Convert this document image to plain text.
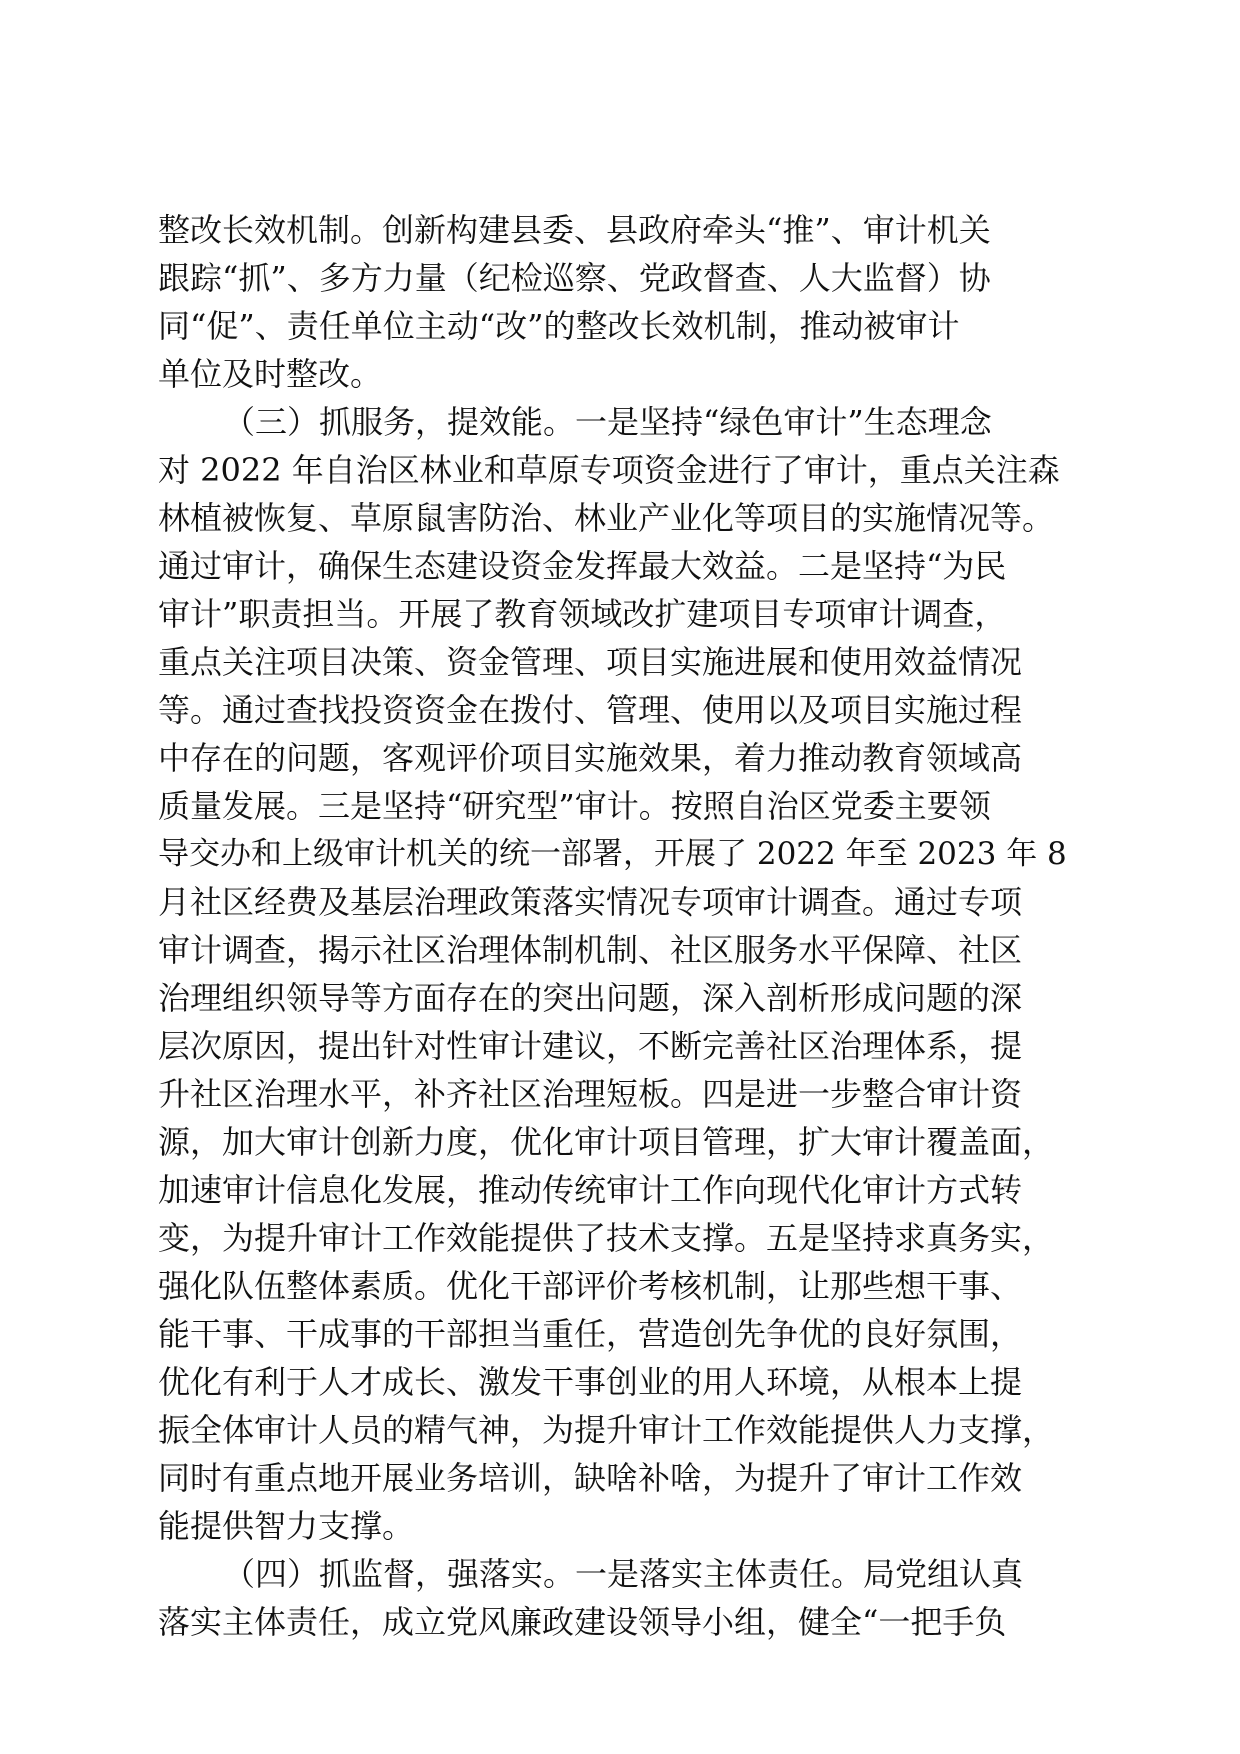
整改长效机制。创新构建县委、县政府牵头“推”、审计机关
跟踪“抓”、多方力量（纪检巡察、党政督查、人大监督）协
同“促”、责任单位主动“改”的整改长效机制，推动被审计
单位及时整改。
（三）抓服务，提效能。一是坚持“绿色审计”生态理念
对 2022 年自治区林业和草原专项资金进行了审计，重点关注森
林植被恢复、草原鼠害防治、林业产业化等项目的实施情况等。
通过审计，确保生态建设资金发挥最大效益。二是坚持“为民
审计”职责担当。开展了教育领域改扩建项目专项审计调查，
重点关注项目决策、资金管理、项目实施进展和使用效益情况
等。通过查找投资资金在拨付、管理、使用以及项目实施过程
中存在的问题，客观评价项目实施效果，着力推动教育领域高
质量发展。三是坚持“研究型”审计。按照自治区党委主要领
导交办和上级审计机关的统一部署，开展了 2022 年至 2023 年 8
月社区经费及基层治理政策落实情况专项审计调查。通过专项
审计调查，揭示社区治理体制机制、社区服务水平保障、社区
治理组织领导等方面存在的突出问题，深入剖析形成问题的深
层次原因，提出针对性审计建议，不断完善社区治理体系，提
升社区治理水平，补齐社区治理短板。四是进一步整合审计资
源，加大审计创新力度，优化审计项目管理，扩大审计覆盖面，
加速审计信息化发展，推动传统审计工作向现代化审计方式转
变，为提升审计工作效能提供了技术支撑。五是坚持求真务实，
强化队伍整体素质。优化干部评价考核机制，让那些想干事、
能干事、干成事的干部担当重任，营造创先争优的良好氛围，
优化有利于人才成长、激发干事创业的用人环境，从根本上提
振全体审计人员的精气神，为提升审计工作效能提供人力支撑，
同时有重点地开展业务培训，缺啥补啥，为提升了审计工作效
能提供智力支撑。
（四）抓监督，强落实。一是落实主体责任。局党组认真
落实主体责任，成立党风廉政建设领导小组，健全“一把手负
